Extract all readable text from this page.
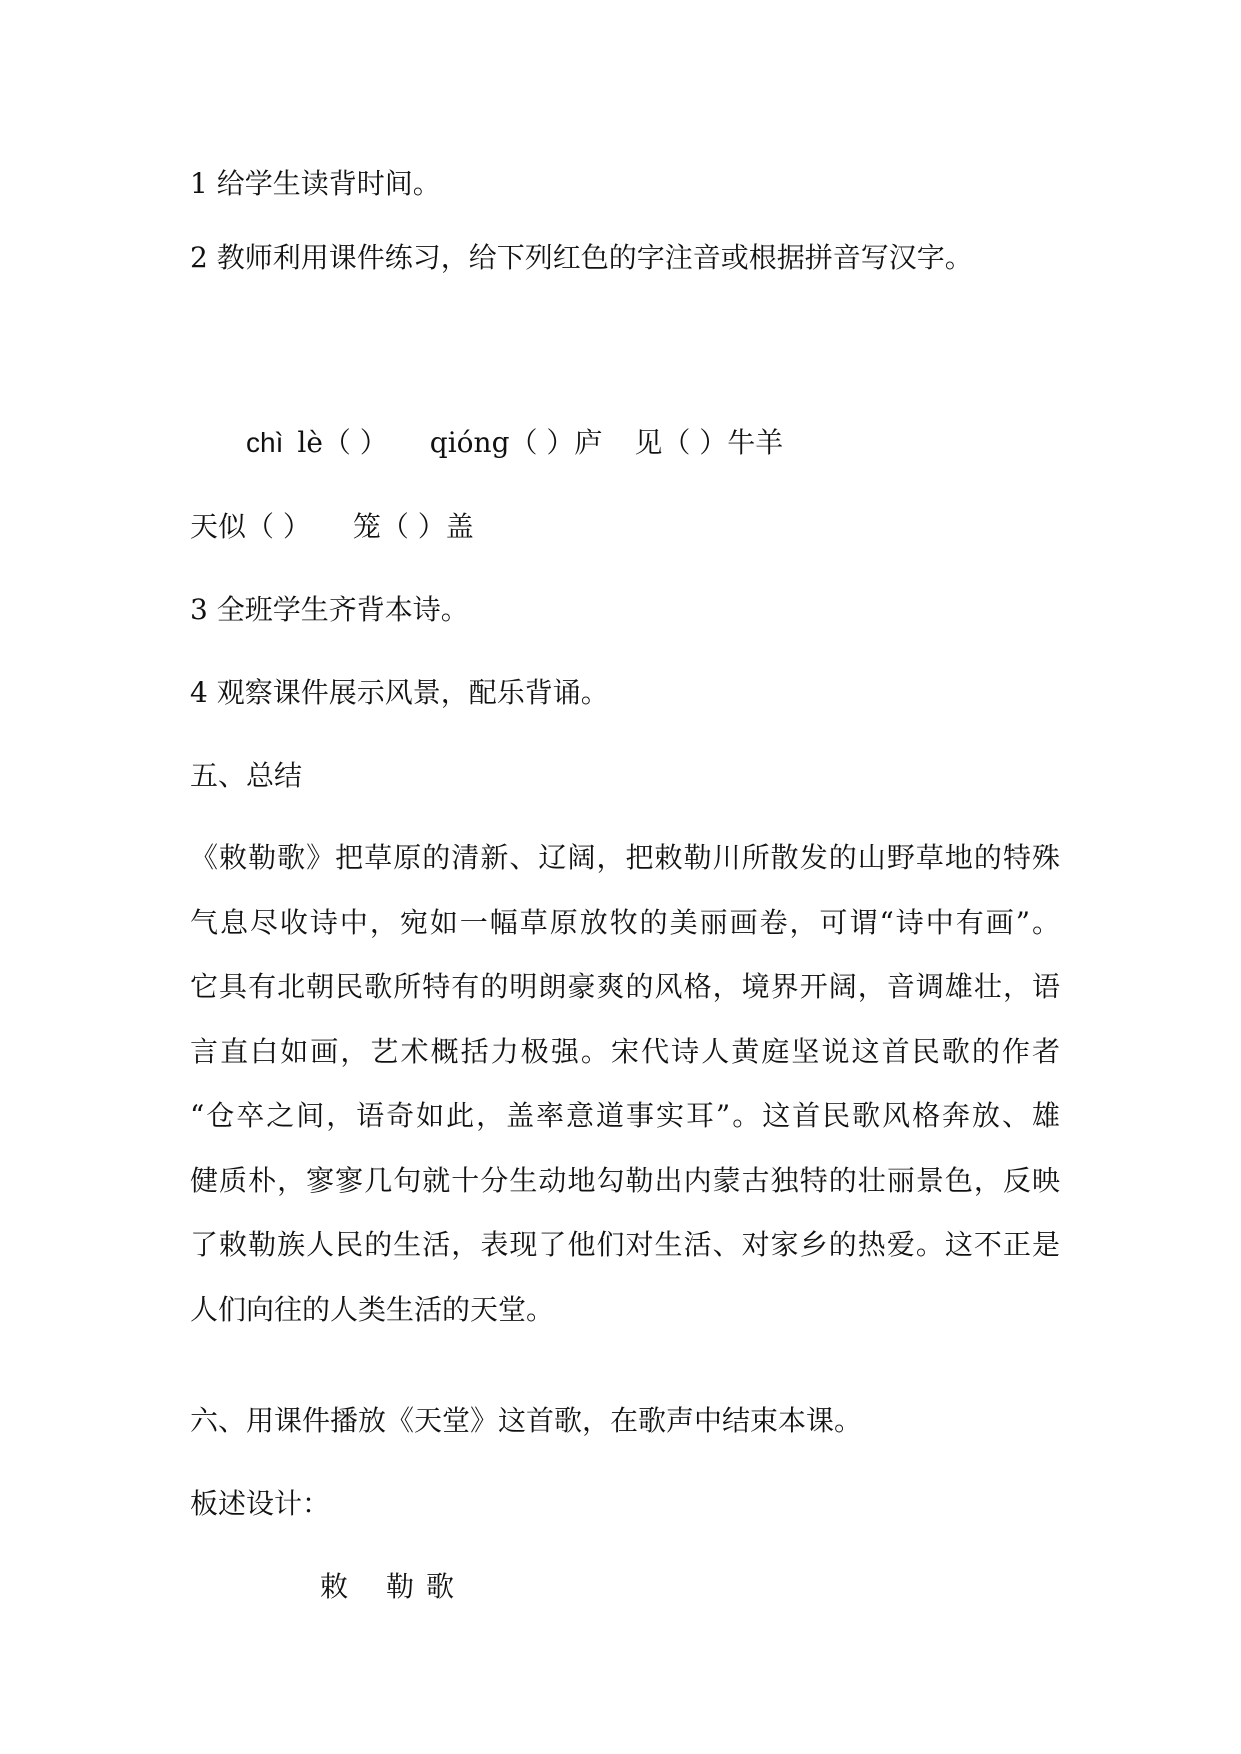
1 给学生读背时间。
2 教师利用课件练习，给下列红色的字注音或根据拼音写汉字。
chì lè（ ） qióng（ ）庐 见（ ）牛羊
天似（ ） 笼（ ）盖
3 全班学生齐背本诗。
4 观察课件展示风景，配乐背诵。
五、总结
《敕勒歌》把草原的清新、辽阔，把敕勒川所散发的山野草地的特殊
气息尽收诗中，宛如一幅草原放牧的美丽画卷，可谓“诗中有画”。
它具有北朝民歌所特有的明朗豪爽的风格，境界开阔，音调雄壮，语
言直白如画，艺术概括力极强。宋代诗人黄庭坚说这首民歌的作者
“仓卒之间，语奇如此，盖率意道事实耳”。这首民歌风格奔放、雄
健质朴，寥寥几句就十分生动地勾勒出内蒙古独特的壮丽景色，反映
了敕勒族人民的生活，表现了他们对生活、对家乡的热爱。这不正是
人们向往的人类生活的天堂。
六、用课件播放《天堂》这首歌，在歌声中结束本课。
板述设计：
敕 勒 歌
